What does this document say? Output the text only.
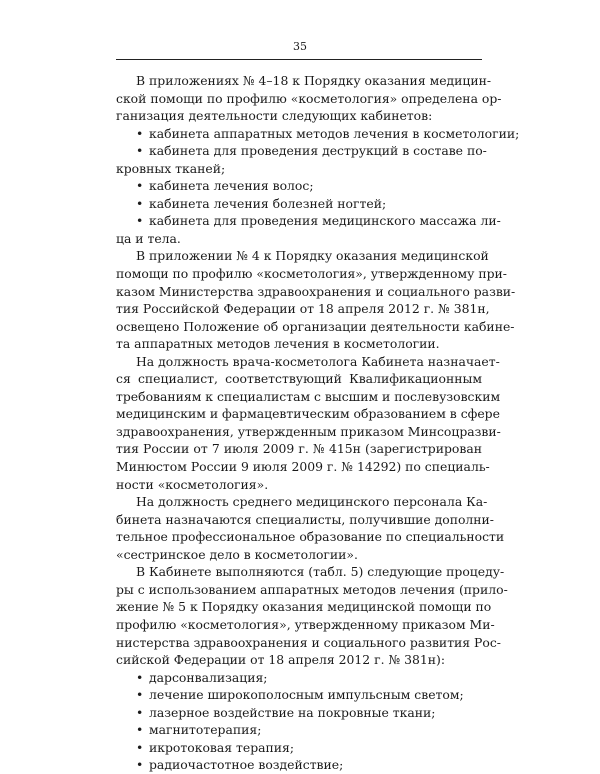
35
В приложениях № 4–18 к Порядку оказания медицин-
ской помощи по профилю «косметология» определена ор-
ганизация деятельности следующих кабинетов:
• кабинета аппаратных методов лечения в косметологии;
• кабинета для проведения деструкций в составе по-
кровных тканей;
• кабинета лечения волос;
• кабинета лечения болезней ногтей;
• кабинета для проведения медицинского массажа ли-
ца и тела.
В приложении № 4 к Порядку оказания медицинской
помощи по профилю «косметология», утвержденному при-
казом Министерства здравоохранения и социального разви-
тия Российской Федерации от 18 апреля 2012 г. № 381н,
освещено Положение об организации деятельности кабине-
та аппаратных методов лечения в косметологии.
На должность врача-косметолога Кабинета назначает-
ся специалист, соответствующий Квалификационным
требованиям к специалистам с высшим и послевузовским
медицинским и фармацевтическим образованием в сфере
здравоохранения, утвержденным приказом Минсоцразви-
тия России от 7 июля 2009 г. № 415н (зарегистрирован
Минюстом России 9 июля 2009 г. № 14292) по специаль-
ности «косметология».
На должность среднего медицинского персонала Ка-
бинета назначаются специалисты, получившие дополни-
тельное профессиональное образование по специальности
«сестринское дело в косметологии».
В Кабинете выполняются (табл. 5) следующие процеду-
ры с использованием аппаратных методов лечения (прило-
жение № 5 к Порядку оказания медицинской помощи по
профилю «косметология», утвержденному приказом Ми-
нистерства здравоохранения и социального развития Рос-
сийской Федерации от 18 апреля 2012 г. № 381н):
• дарсонвализация;
• лечение широкополосным импульсным светом;
• лазерное воздействие на покровные ткани;
• магнитотерапия;
• икротоковая терапия;
• радиочастотное воздействие;
